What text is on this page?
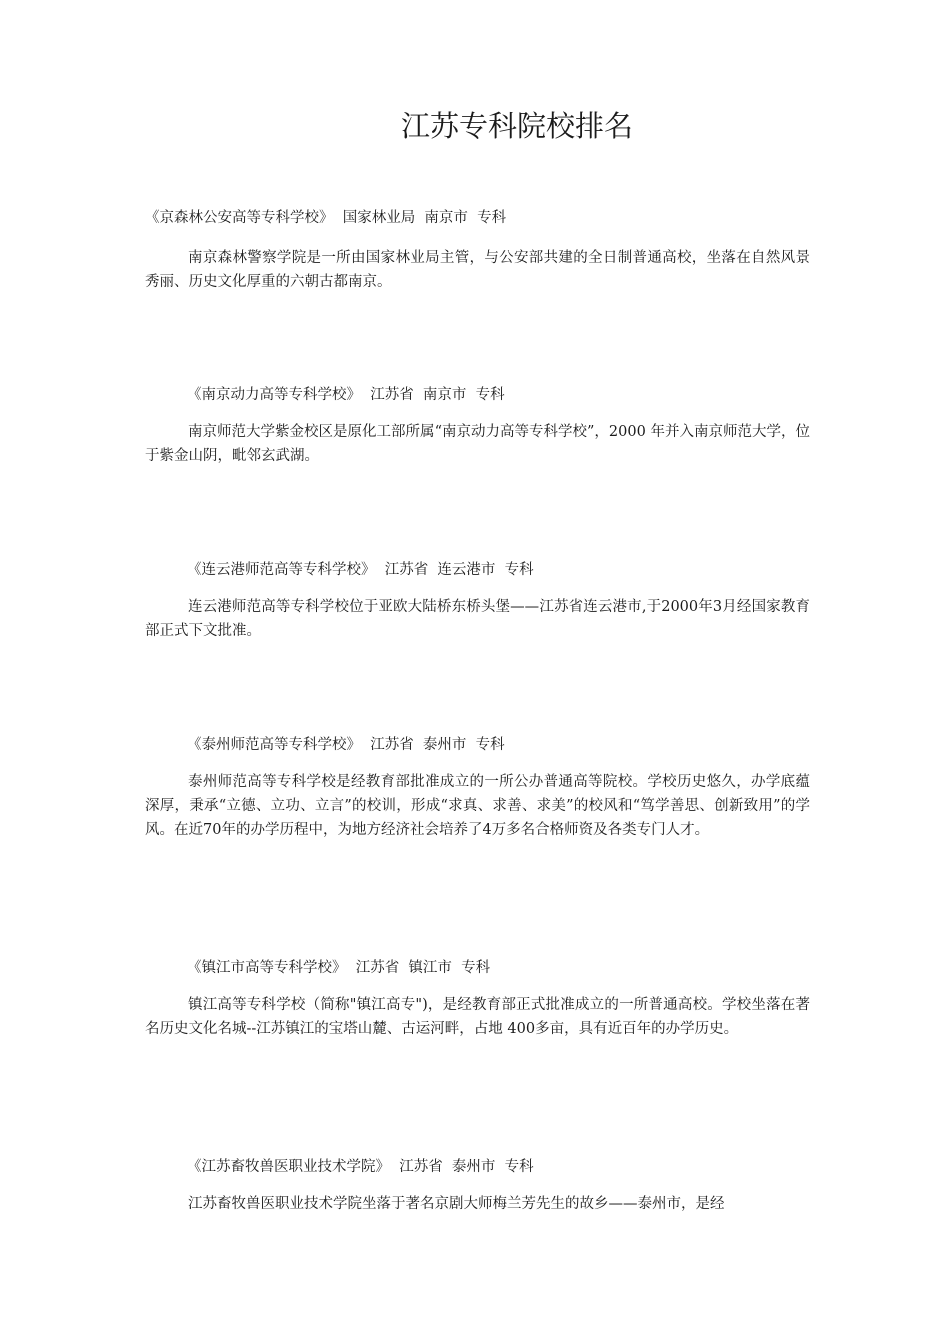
江苏专科院校排名

《京森林公安高等专科学校》  国家林业局  南京市  专科

南京森林警察学院是一所由国家林业局主管，与公安部共建的全日制普通高校，坐落在自然风景秀丽、历史文化厚重的六朝古都南京。

《南京动力高等专科学校》  江苏省  南京市  专科

南京师范大学紫金校区是原化工部所属“南京动力高等专科学校”，2000 年并入南京师范大学，位于紫金山阴，毗邻玄武湖。

《连云港师范高等专科学校》  江苏省  连云港市  专科

连云港师范高等专科学校位于亚欧大陆桥东桥头堡——江苏省连云港市,于2000年3月经国家教育部正式下文批准。

《泰州师范高等专科学校》  江苏省  泰州市  专科

泰州师范高等专科学校是经教育部批准成立的一所公办普通高等院校。学校历史悠久，办学底蕴深厚，秉承“立德、立功、立言”的校训，形成“求真、求善、求美”的校风和“笃学善思、创新致用”的学风。在近70年的办学历程中，为地方经济社会培养了4万多名合格师资及各类专门人才。

《镇江市高等专科学校》  江苏省  镇江市  专科

镇江高等专科学校（简称"镇江高专")，是经教育部正式批准成立的一所普通高校。学校坐落在著名历史文化名城--江苏镇江的宝塔山麓、古运河畔，占地 400多亩，具有近百年的办学历史。

《江苏畜牧兽医职业技术学院》  江苏省  泰州市  专科

江苏畜牧兽医职业技术学院坐落于著名京剧大师梅兰芳先生的故乡——泰州市，是经
